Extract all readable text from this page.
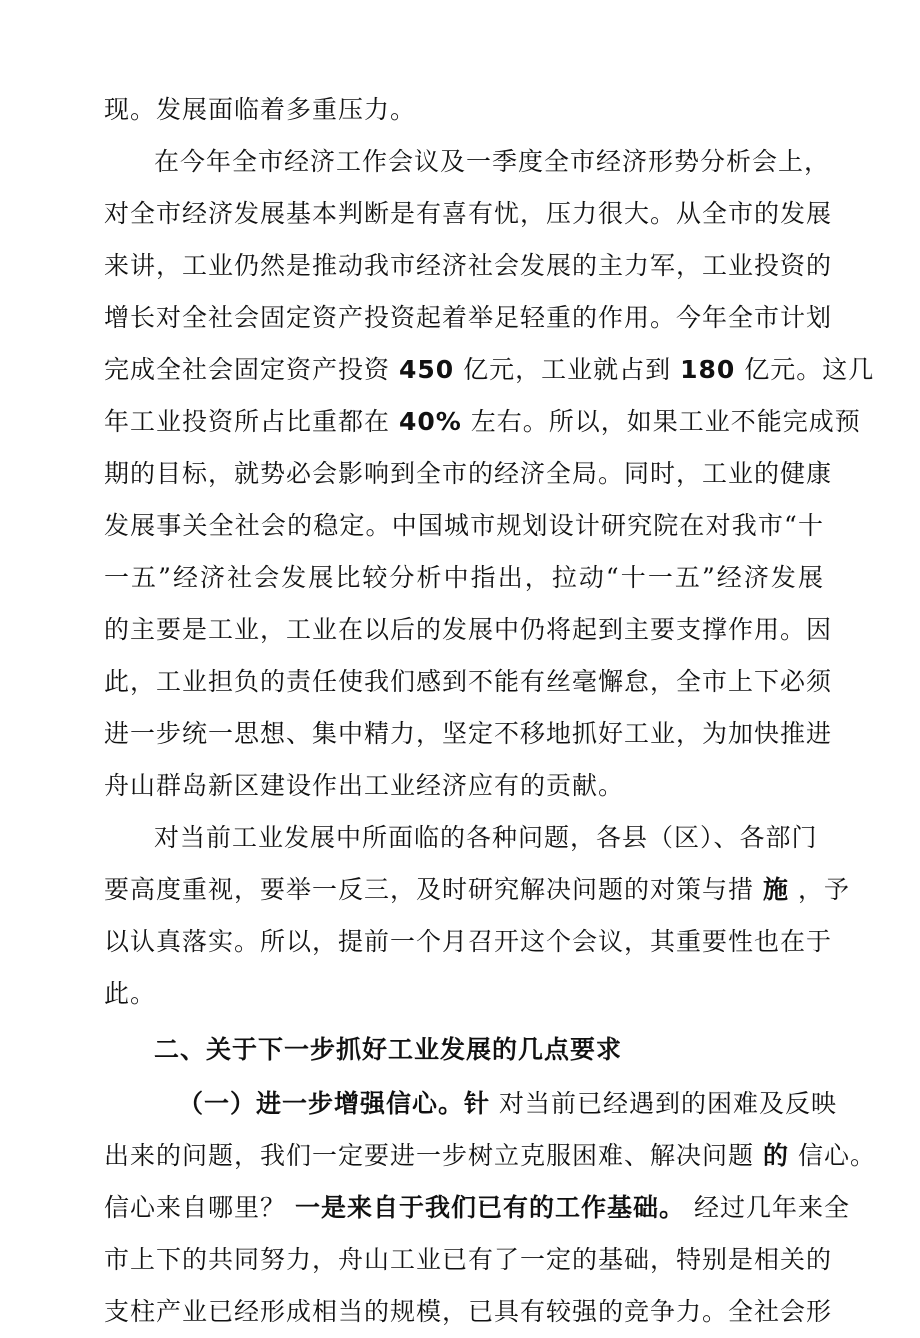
现。发展面临着多重压力。
在今年全市经济工作会议及一季度全市经济形势分析会上，
对全市经济发展基本判断是有喜有忧，压力很大。从全市的发展
来讲，工业仍然是推动我市经济社会发展的主力军，工业投资的
增长对全社会固定资产投资起着举足轻重的作用。今年全市计划
完成全社会固定资产投资 450 亿元，工业就占到 180 亿元。这几
年工业投资所占比重都在 40% 左右。所以，如果工业不能完成预
期的目标，就势必会影响到全市的经济全局。同时，工业的健康
发展事关全社会的稳定。中国城市规划设计研究院在对我市“十
一五”经济社会发展比较分析中指出，拉动“十一五”经济发展
的主要是工业，工业在以后的发展中仍将起到主要支撑作用。因
此，工业担负的责任使我们感到不能有丝毫懈怠，全市上下必须
进一步统一思想、集中精力，坚定不移地抓好工业，为加快推进
舟山群岛新区建设作出工业经济应有的贡献。
对当前工业发展中所面临的各种问题，各县（区）、各部门
要高度重视，要举一反三，及时研究解决问题的对策与措 施 ，予
以认真落实。所以，提前一个月召开这个会议，其重要性也在于
此。
二、关于下一步抓好工业发展的几点要求
（一）进一步增强信心。针 对当前已经遇到的困难及反映
出来的问题，我们一定要进一步树立克服困难、解决问题 的 信心。
信心来自哪里？ 一是来自于我们已有的工作基础。 经过几年来全
市上下的共同努力，舟山工业已有了一定的基础，特别是相关的
支柱产业已经形成相当的规模，已具有较强的竞争力。全社会形
